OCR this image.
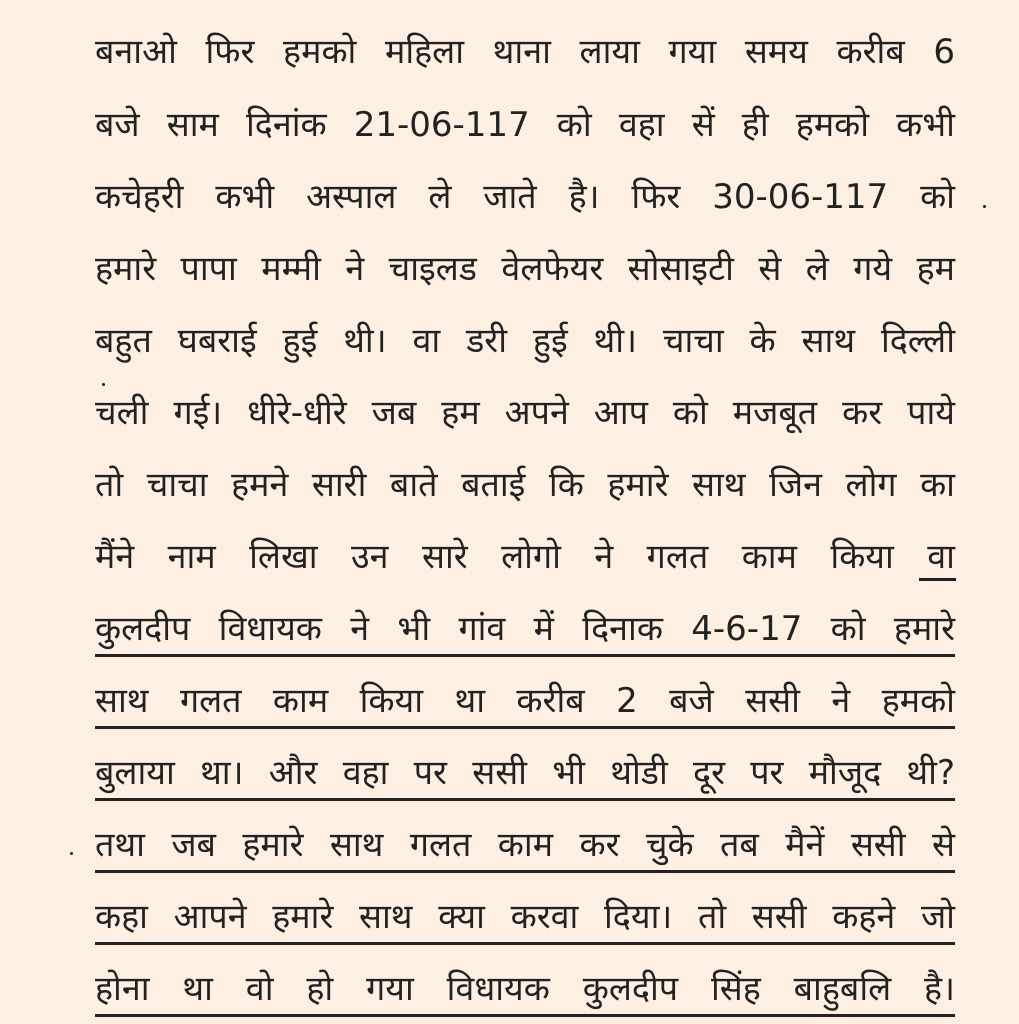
बनाओ फिर हमको महिला थाना लाया गया समय करीब 6
बजे साम दिनांक 21-06-117 को वहा सें ही हमको कभी
कचेहरी कभी अस्पाल ले जाते है। फिर 30-06-117 को
हमारे पापा मम्मी ने चाइलड वेलफेयर सोसाइटी से ले गये हम
बहुत घबराई हुई थी। वा डरी हुई थी। चाचा के साथ दिल्ली
चली गई। धीरे-धीरे जब हम अपने आप को मजबूत कर पाये
तो चाचा हमने सारी बाते बताई कि हमारे साथ जिन लोग का
मैंने नाम लिखा उन सारे लोगो ने गलत काम किया वा
कुलदीप विधायक ने भी गांव में दिनाक 4-6-17 को हमारे
साथ गलत काम किया था करीब 2 बजे ससी ने हमको
बुलाया था। और वहा पर ससी भी थोडी दूर पर मौजूद थी?
तथा जब हमारे साथ गलत काम कर चुके तब मैनें ससी से
कहा आपने हमारे साथ क्या करवा दिया। तो ससी कहने जो
होना था वो हो गया विधायक कुलदीप सिंह बाहुबलि है।
